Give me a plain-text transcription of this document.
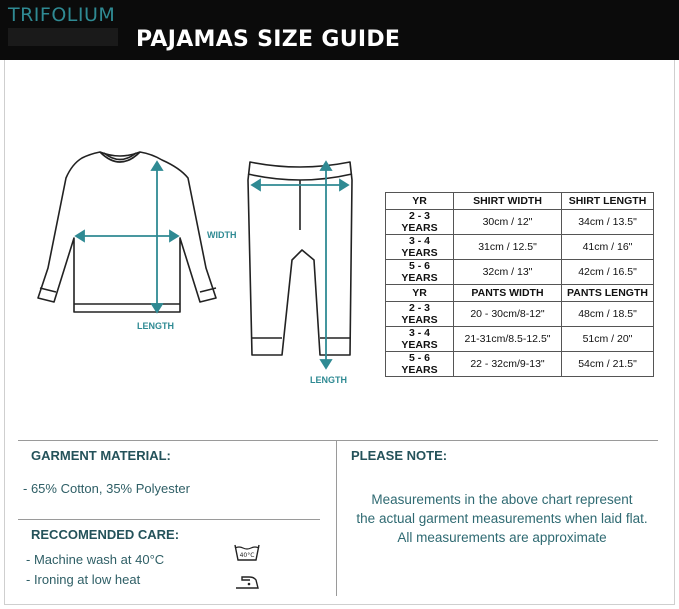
TRIFOLIUM
PAJAMAS SIZE GUIDE
WIDTH
LENGTH
LENGTH
YR	SHIRT WIDTH	SHIRT LENGTH
2 - 3 YEARS	30cm / 12"	34cm / 13.5"
3 - 4 YEARS	31cm / 12.5"	41cm / 16"
5 - 6 YEARS	32cm / 13"	42cm / 16.5"
YR	PANTS WIDTH	PANTS LENGTH
2 - 3 YEARS	20 - 30cm/8-12"	48cm / 18.5"
3 - 4 YEARS	21-31cm/8.5-12.5"	51cm / 20"
5 - 6 YEARS	22 - 32cm/9-13"	54cm / 21.5"
GARMENT MATERIAL:
- 65% Cotton, 35% Polyester
RECCOMENDED CARE:
- Machine wash at 40°C
- Ironing at low heat
40°C
PLEASE NOTE:
Measurements in the above chart represent
the actual garment measurements when laid flat.
All measurements are approximate
